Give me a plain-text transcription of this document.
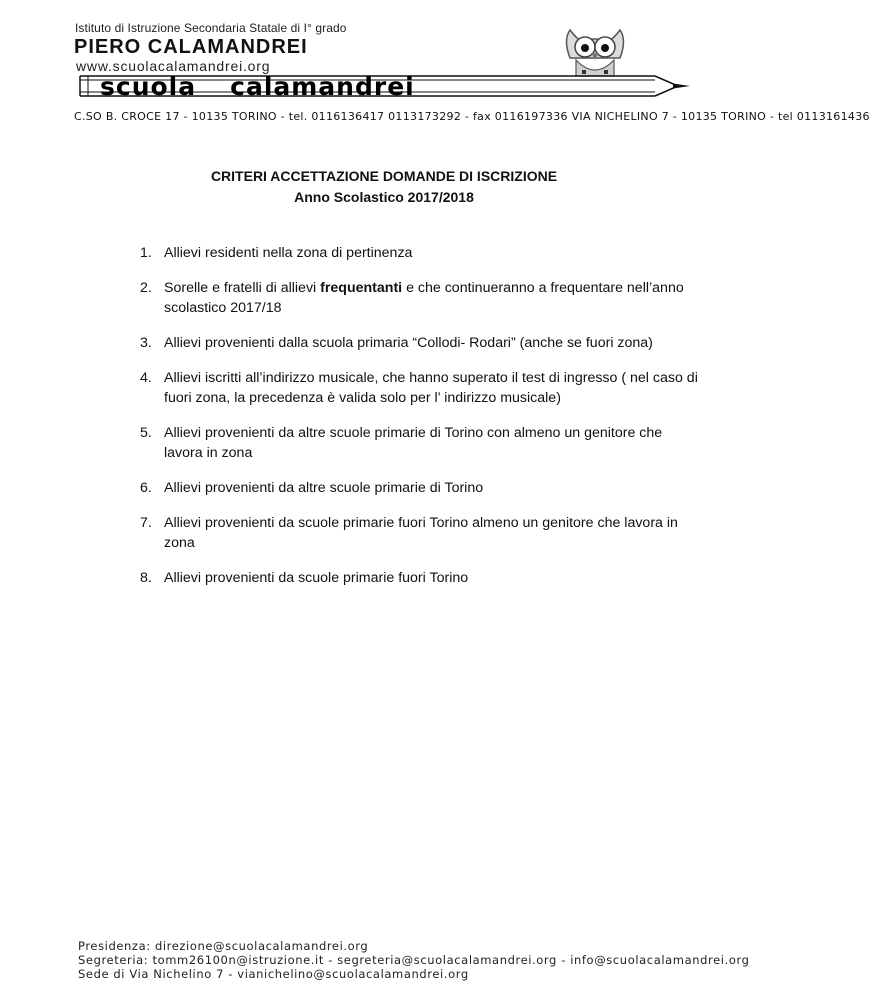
Istituto di Istruzione Secondaria Statale di I° grado
PIERO CALAMANDREI
www.scuolacalamandrei.org
scuola calamandrei
C.SO B. CROCE 17 - 10135 TORINO - tel. 0116136417 0113173292 - fax 0116197336 VIA NICHELINO 7 - 10135 TORINO - tel 0113161436
CRITERI ACCETTAZIONE DOMANDE DI ISCRIZIONE
Anno Scolastico 2017/2018
1. Allievi residenti nella zona di pertinenza
2. Sorelle e fratelli di allievi frequentanti e che continueranno a frequentare nell’anno scolastico 2017/18
3. Allievi provenienti dalla scuola primaria “Collodi- Rodari” (anche se fuori zona)
4. Allievi iscritti all’indirizzo musicale, che hanno superato il test di ingresso ( nel caso di fuori zona, la precedenza è valida solo per l’ indirizzo musicale)
5. Allievi provenienti da altre scuole primarie di Torino con almeno un genitore che lavora in zona
6. Allievi provenienti da altre scuole primarie di Torino
7. Allievi provenienti da scuole primarie fuori Torino almeno un genitore che lavora in zona
8. Allievi provenienti da scuole primarie fuori Torino
Presidenza: direzione@scuolacalamandrei.org
Segreteria: tomm26100n@istruzione.it - segreteria@scuolacalamandrei.org - info@scuolacalamandrei.org
Sede di Via Nichelino 7 - vianichelino@scuolacalamandrei.org
